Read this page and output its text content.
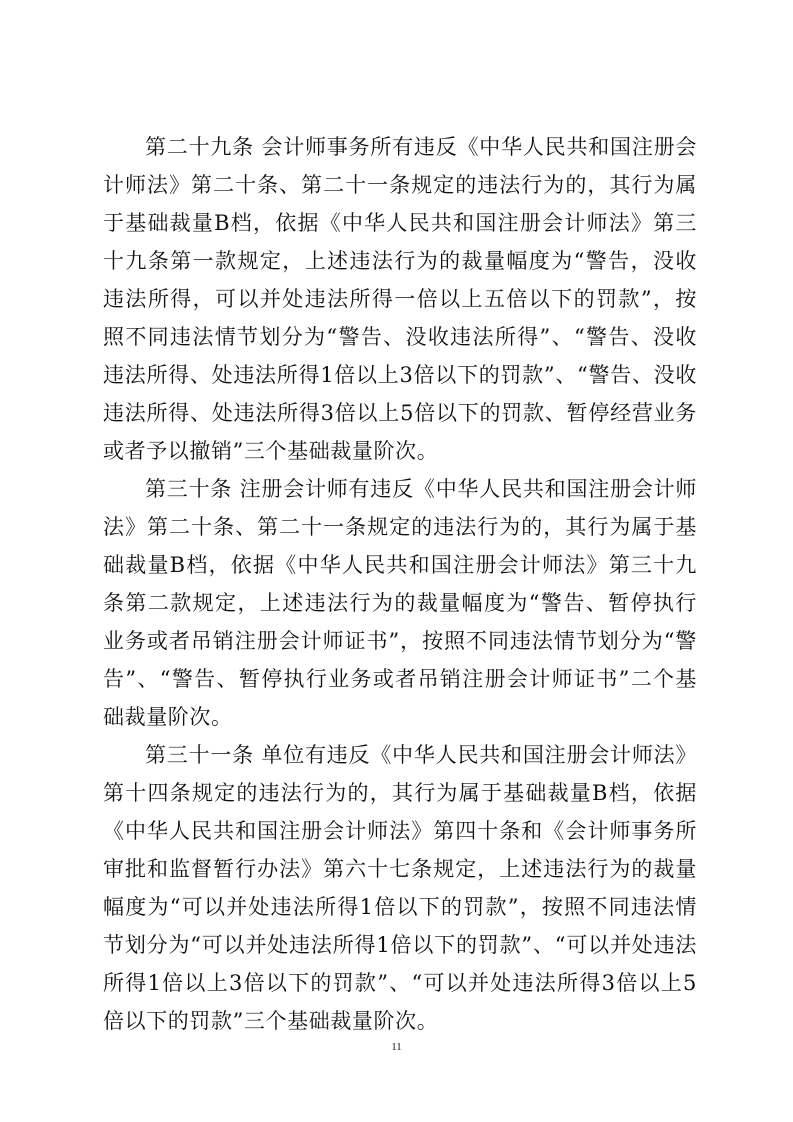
第二十九条 会计师事务所有违反《中华人民共和国注册会计师法》第二十条、第二十一条规定的违法行为的，其行为属于基础裁量B档，依据《中华人民共和国注册会计师法》第三十九条第一款规定，上述违法行为的裁量幅度为“警告，没收违法所得，可以并处违法所得一倍以上五倍以下的罚款”，按照不同违法情节划分为“警告、没收违法所得”、“警告、没收违法所得、处违法所得1倍以上3倍以下的罚款”、“警告、没收违法所得、处违法所得3倍以上5倍以下的罚款、暂停经营业务或者予以撤销”三个基础裁量阶次。

第三十条 注册会计师有违反《中华人民共和国注册会计师法》第二十条、第二十一条规定的违法行为的，其行为属于基础裁量B档，依据《中华人民共和国注册会计师法》第三十九条第二款规定，上述违法行为的裁量幅度为“警告、暂停执行业务或者吊销注册会计师证书”，按照不同违法情节划分为“警告”、“警告、暂停执行业务或者吊销注册会计师证书”二个基础裁量阶次。

第三十一条 单位有违反《中华人民共和国注册会计师法》第十四条规定的违法行为的，其行为属于基础裁量B档，依据《中华人民共和国注册会计师法》第四十条和《会计师事务所审批和监督暂行办法》第六十七条规定，上述违法行为的裁量幅度为“可以并处违法所得1倍以下的罚款”，按照不同违法情节划分为“可以并处违法所得1倍以下的罚款”、“可以并处违法所得1倍以上3倍以下的罚款”、“可以并处违法所得3倍以上5倍以下的罚款”三个基础裁量阶次。

11
